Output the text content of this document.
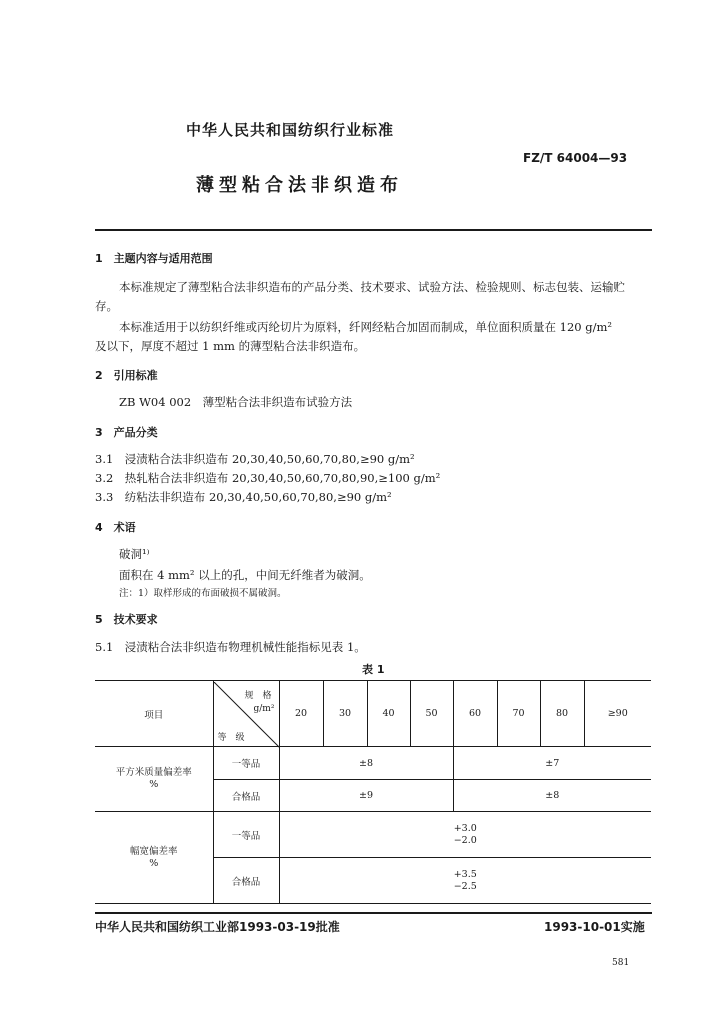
中华人民共和国纺织行业标准
FZ/T 64004—93
薄型粘合法非织造布
1　主题内容与适用范围
本标准规定了薄型粘合法非织造布的产品分类、技术要求、试验方法、检验规则、标志包装、运输贮
存。
本标准适用于以纺织纤维或丙纶切片为原料，纤网经粘合加固而制成，单位面积质量在 120 g/m²
及以下，厚度不超过 1 mm 的薄型粘合法非织造布。
2　引用标准
ZB W04 002　薄型粘合法非织造布试验方法
3　产品分类
3.1　浸渍粘合法非织造布 20,30,40,50,60,70,80,≥90 g/m²
3.2　热轧粘合法非织造布 20,30,40,50,60,70,80,90,≥100 g/m²
3.3　纺粘法非织造布 20,30,40,50,60,70,80,≥90 g/m²
4　术语
破洞¹⁾
面积在 4 mm² 以上的孔，中间无纤维者为破洞。
注：1）取样形成的布面破损不属破洞。
5　技术要求
5.1　浸渍粘合法非织造布物理机械性能指标见表 1。
表 1
项目	规　格
g/m²
等　级	20	30	40	50	60	70	80	≥90

平方米质量偏差率
%	一等品	±8				±7			
	合格品	±9				±8			

幅宽偏差率
%	一等品	+3.0
−2.0							

	合格品	+3.5
−2.5							
中华人民共和国纺织工业部1993-03-19批准	1993-10-01实施
581
